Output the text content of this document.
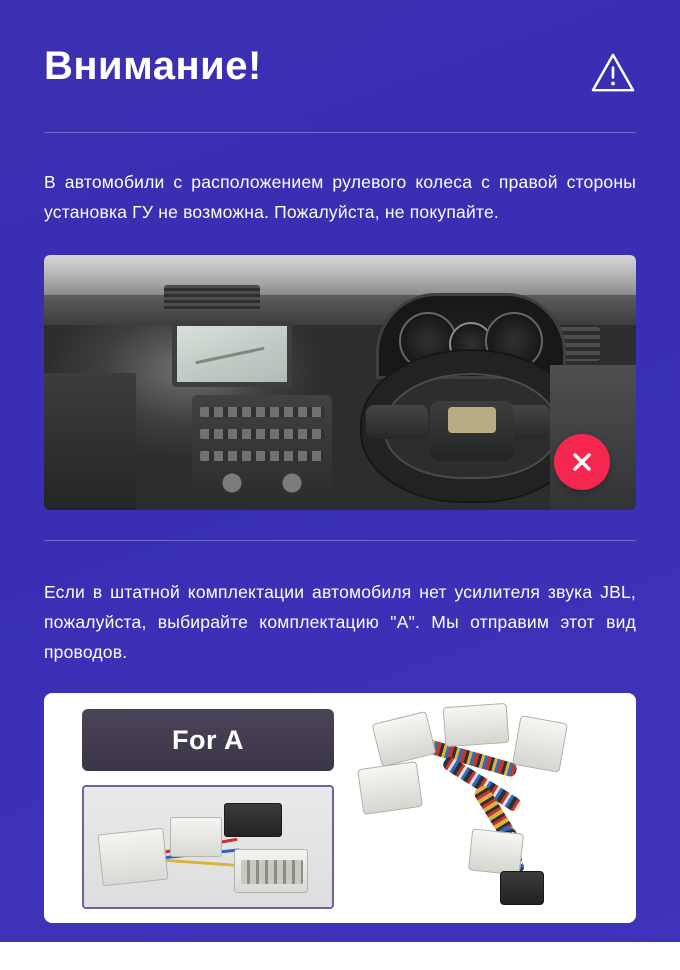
Внимание!
В автомобили с расположением рулевого колеса с правой стороны установка ГУ не возможна. Пожалуйста, не покупайте.
Если в штатной комплектации автомобиля нет усилителя звука JBL, пожалуйста, выбирайте комплектацию "А". Мы отправим этот вид проводов.
For A
